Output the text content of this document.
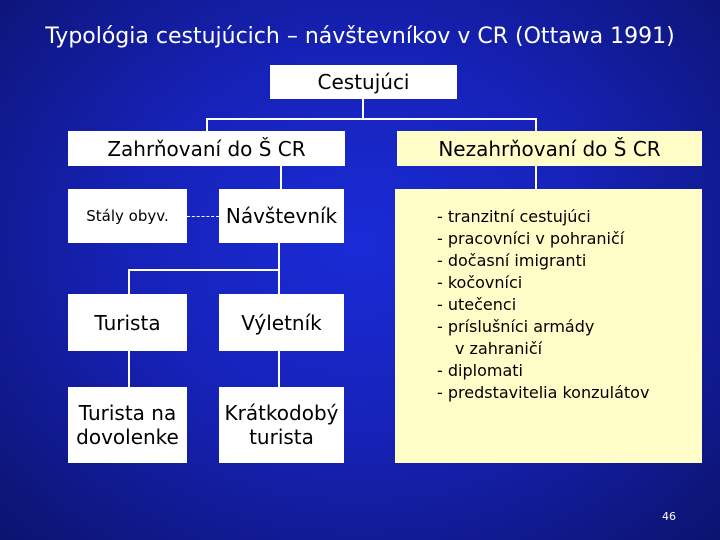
Typológia cestujúcich – návštevníkov v CR (Ottawa 1991)
Cestujúci
Zahrňovaní do Š CR	Nezahrňovaní do Š CR
Stály obyv.	Návštevník
Turista	Výletník
Turista na
dovolenke
Krátkodobý
turista
- tranzitní cestujúci
- pracovníci v pohraničí
- dočasní imigranti
- kočovníci
- utečenci
- príslušníci armády
v zahraničí
- diplomati
- predstavitelia konzulátov
46
